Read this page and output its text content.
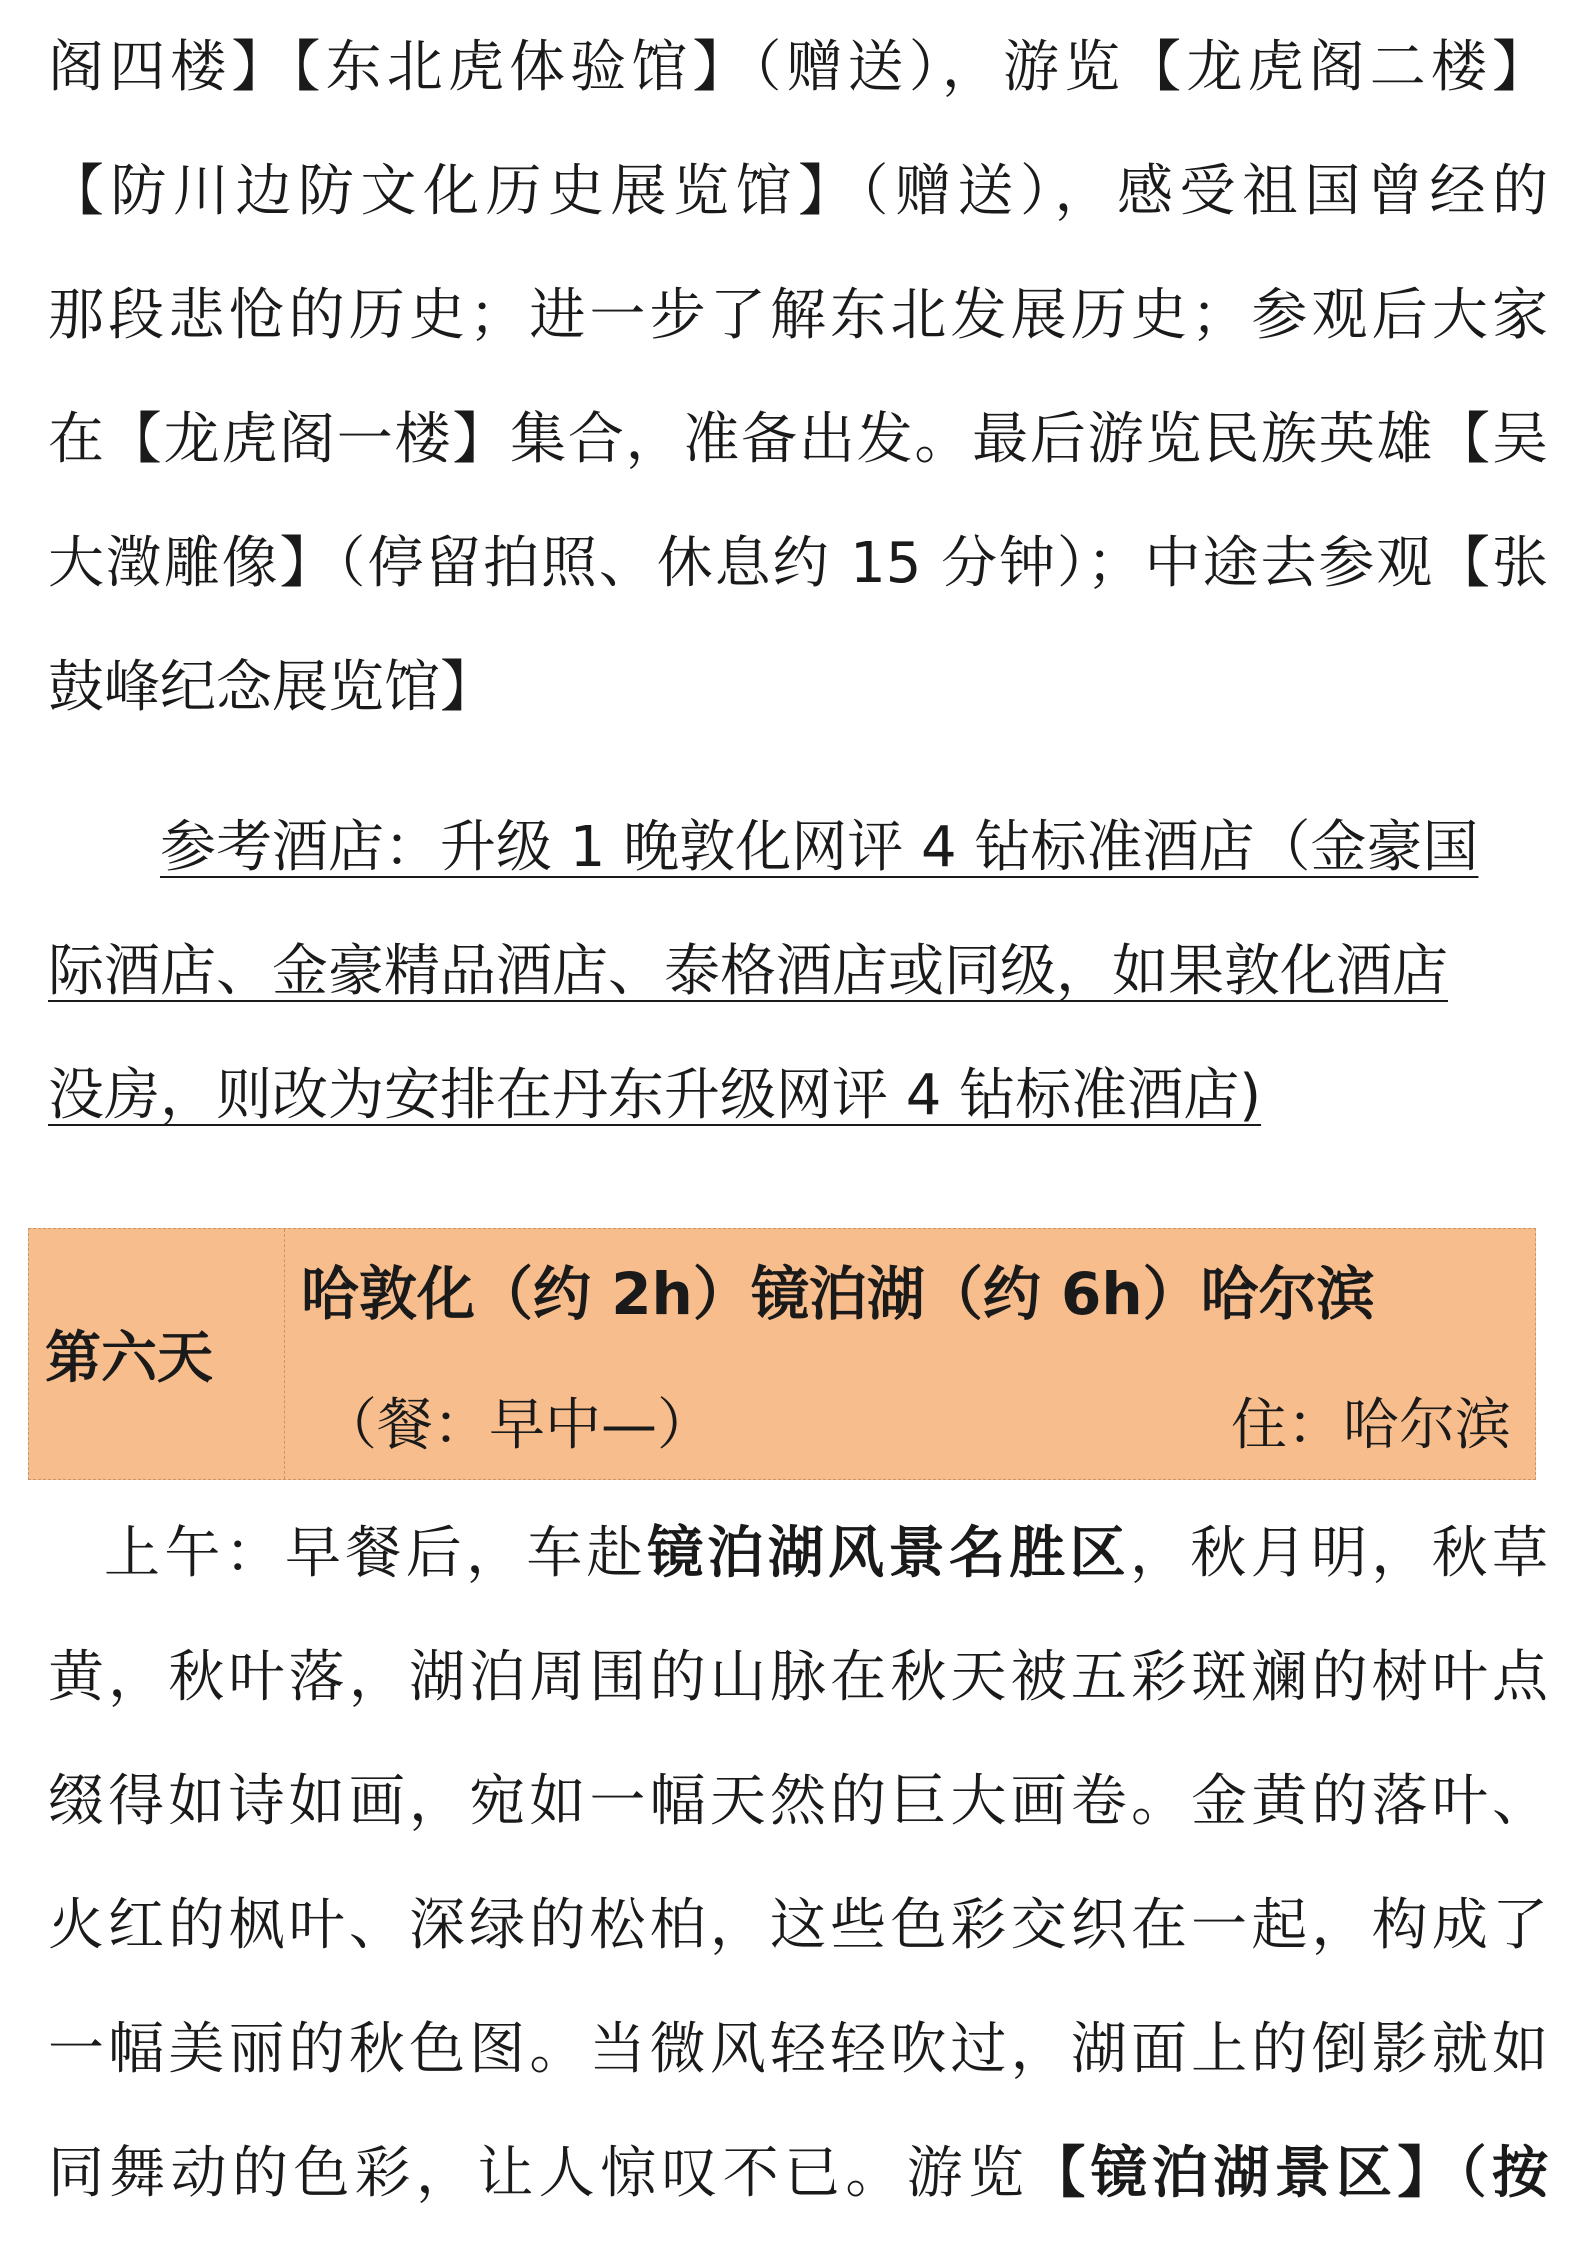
阁四楼】【东北虎体验馆】（赠送），游览【龙虎阁二楼】
【防川边防文化历史展览馆】（赠送），感受祖国曾经的
那段悲怆的历史；进一步了解东北发展历史；参观后大家
在【龙虎阁一楼】集合，准备出发。最后游览民族英雄【吴
大澂雕像】（停留拍照、休息约 15 分钟）；中途去参观【张
鼓峰纪念展览馆】
参考酒店：升级 1 晚敦化网评 4 钻标准酒店（金豪国
际酒店、金豪精品酒店、泰格酒店或同级，如果敦化酒店
没房，则改为安排在丹东升级网评 4 钻标准酒店)
第六天
哈敦化（约 2h）镜泊湖（约 6h）哈尔滨
（餐：早中—）	住：哈尔滨
上午：早餐后，车赴镜泊湖风景名胜区，秋月明，秋草
黄，秋叶落，湖泊周围的山脉在秋天被五彩斑斓的树叶点
缀得如诗如画，宛如一幅天然的巨大画卷。金黄的落叶、
火红的枫叶、深绿的松柏，这些色彩交织在一起，构成了
一幅美丽的秋色图。当微风轻轻吹过，湖面上的倒影就如
同舞动的色彩，让人惊叹不已。游览【镜泊湖景区】（按
